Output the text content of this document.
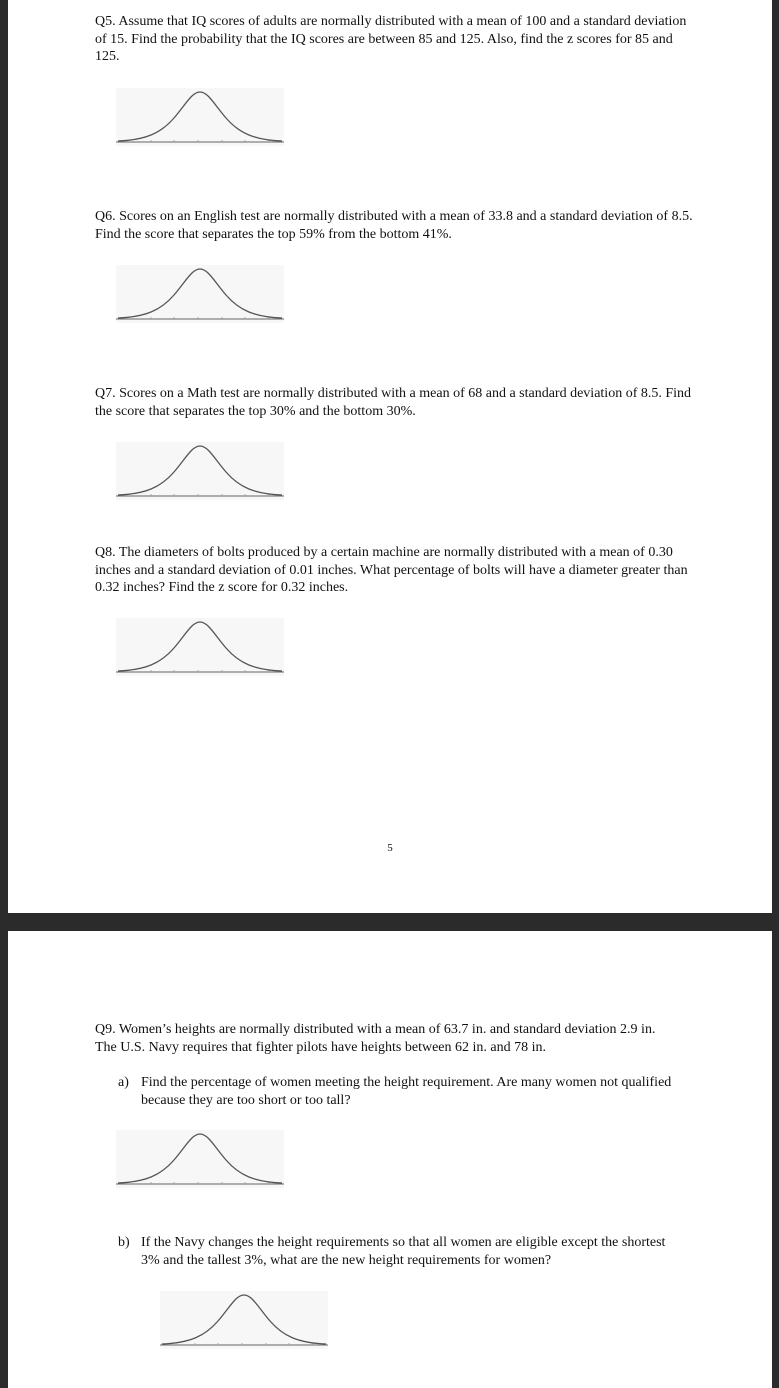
Q5. Assume that IQ scores of adults are normally distributed with a mean of 100 and a standard deviation of 15. Find the probability that the IQ scores are between 85 and 125. Also, find the z scores for 85 and 125.

Q6. Scores on an English test are normally distributed with a mean of 33.8 and a standard deviation of 8.5. Find the score that separates the top 59% from the bottom 41%.

Q7. Scores on a Math test are normally distributed with a mean of 68 and a standard deviation of 8.5. Find the score that separates the top 30% and the bottom 30%.

Q8. The diameters of bolts produced by a certain machine are normally distributed with a mean of 0.30 inches and a standard deviation of 0.01 inches. What percentage of bolts will have a diameter greater than 0.32 inches? Find the z score for 0.32 inches.

5

Q9. Women’s heights are normally distributed with a mean of 63.7 in. and standard deviation 2.9 in. The U.S. Navy requires that fighter pilots have heights between 62 in. and 78 in.

a) Find the percentage of women meeting the height requirement. Are many women not qualified because they are too short or too tall?
b) If the Navy changes the height requirements so that all women are eligible except the shortest 3% and the tallest 3%, what are the new height requirements for women?
